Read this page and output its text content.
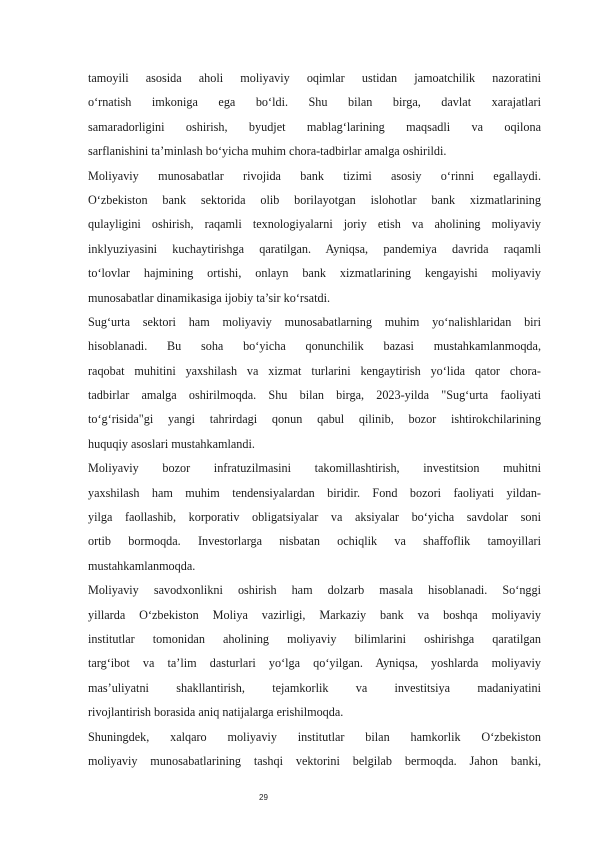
tamoyili asosida aholi moliyaviy oqimlar ustidan jamoatchilik nazoratini
o‘rnatish imkoniga ega bo‘ldi. Shu bilan birga, davlat xarajatlari
samaradorligini oshirish, byudjet mablag‘larining maqsadli va oqilona
sarflanishini ta’minlash bo‘yicha muhim chora-tadbirlar amalga oshirildi.
Moliyaviy munosabatlar rivojida bank tizimi asosiy o‘rinni egallaydi.
O‘zbekiston bank sektorida olib borilayotgan islohotlar bank xizmatlarining
qulayligini oshirish, raqamli texnologiyalarni joriy etish va aholining moliyaviy
inklyuziyasini kuchaytirishga qaratilgan. Ayniqsa, pandemiya davrida raqamli
to‘lovlar hajmining ortishi, onlayn bank xizmatlarining kengayishi moliyaviy
munosabatlar dinamikasiga ijobiy ta’sir ko‘rsatdi.
Sug‘urta sektori ham moliyaviy munosabatlarning muhim yo‘nalishlaridan biri
hisoblanadi. Bu soha bo‘yicha qonunchilik bazasi mustahkamlanmoqda,
raqobat muhitini yaxshilash va xizmat turlarini kengaytirish yo‘lida qator chora-
tadbirlar amalga oshirilmoqda. Shu bilan birga, 2023-yilda "Sug‘urta faoliyati
to‘g‘risida"gi yangi tahrirdagi qonun qabul qilinib, bozor ishtirokchilarining
huquqiy asoslari mustahkamlandi.
Moliyaviy bozor infratuzilmasini takomillashtirish, investitsion muhitni
yaxshilash ham muhim tendensiyalardan biridir. Fond bozori faoliyati yildan-
yilga faollashib, korporativ obligatsiyalar va aksiyalar bo‘yicha savdolar soni
ortib bormoqda. Investorlarga nisbatan ochiqlik va shaffoflik tamoyillari
mustahkamlanmoqda.
Moliyaviy savodxonlikni oshirish ham dolzarb masala hisoblanadi. So‘nggi
yillarda O‘zbekiston Moliya vazirligi, Markaziy bank va boshqa moliyaviy
institutlar tomonidan aholining moliyaviy bilimlarini oshirishga qaratilgan
targ‘ibot va ta’lim dasturlari yo‘lga qo‘yilgan. Ayniqsa, yoshlarda moliyaviy
mas’uliyatni shakllantirish, tejamkorlik va investitsiya madaniyatini
rivojlantirish borasida aniq natijalarga erishilmoqda.
Shuningdek, xalqaro moliyaviy institutlar bilan hamkorlik O‘zbekiston
moliyaviy munosabatlarining tashqi vektorini belgilab bermoqda. Jahon banki,
29
